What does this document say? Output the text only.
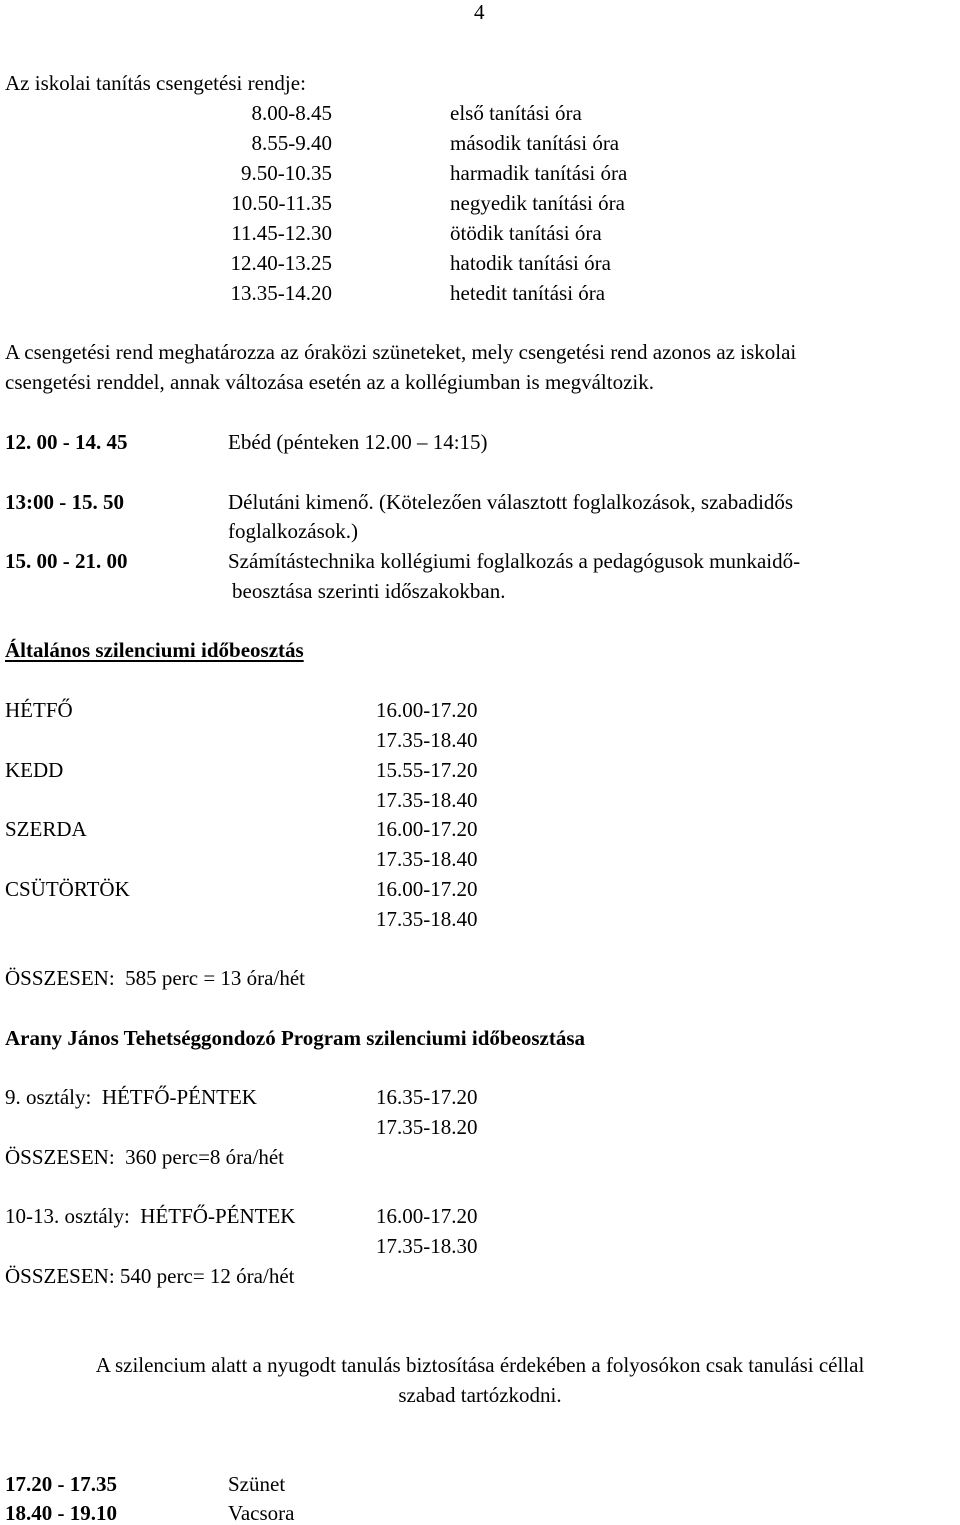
4
Az iskolai tanítás csengetési rendje:
8.00-8.45	első tanítási óra
8.55-9.40	második tanítási óra
9.50-10.35	harmadik tanítási óra
10.50-11.35	negyedik tanítási óra
11.45-12.30	ötödik tanítási óra
12.40-13.25	hatodik tanítási óra
13.35-14.20	hetedit tanítási óra
A csengetési rend meghatározza az óraközi szüneteket, mely csengetési rend azonos az iskolai
csengetési renddel, annak változása esetén az a kollégiumban is megváltozik.
12. 00 - 14. 45	Ebéd (pénteken 12.00 – 14:15)
13:00 - 15. 50	Délutáni kimenő. (Kötelezően választott foglalkozások, szabadidős
foglalkozások.)
15. 00 - 21. 00	Számítástechnika kollégiumi foglalkozás a pedagógusok munkaidő-
beosztása szerinti időszakokban.
Általános szilenciumi időbeosztás
HÉTFŐ	16.00-17.20
17.35-18.40
KEDD	15.55-17.20
17.35-18.40
SZERDA	16.00-17.20
17.35-18.40
CSÜTÖRTÖK	16.00-17.20
17.35-18.40
ÖSSZESEN:  585 perc = 13 óra/hét
Arany János Tehetséggondozó Program szilenciumi időbeosztása
9. osztály:  HÉTFŐ-PÉNTEK	16.35-17.20
17.35-18.20
ÖSSZESEN:  360 perc=8 óra/hét
10-13. osztály:  HÉTFŐ-PÉNTEK	16.00-17.20
17.35-18.30
ÖSSZESEN: 540 perc= 12 óra/hét
A szilencium alatt a nyugodt tanulás biztosítása érdekében a folyosókon csak tanulási céllal
szabad tartózkodni.
17.20 - 17.35	Szünet
18.40 - 19.10	Vacsora
